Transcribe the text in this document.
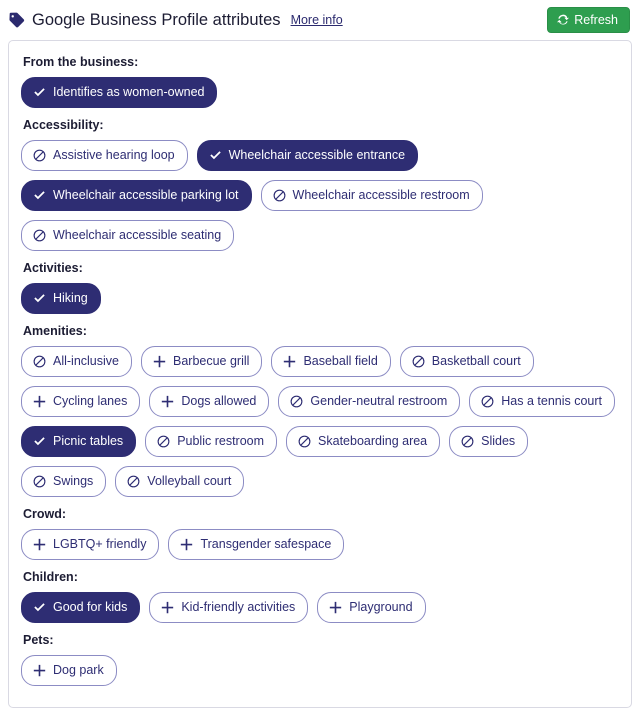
Google Business Profile attributes More info	Refresh
From the business:
Identifies as women-owned
Accessibility:
Assistive hearing loop	Wheelchair accessible entrance
Wheelchair accessible parking lot	Wheelchair accessible restroom
Wheelchair accessible seating
Activities:
Hiking
Amenities:
All-inclusive	Barbecue grill	Baseball field	Basketball court
Cycling lanes	Dogs allowed	Gender-neutral restroom	Has a tennis court
Picnic tables	Public restroom	Skateboarding area	Slides
Swings	Volleyball court
Crowd:
LGBTQ+ friendly	Transgender safespace
Children:
Good for kids	Kid-friendly activities	Playground
Pets:
Dog park
